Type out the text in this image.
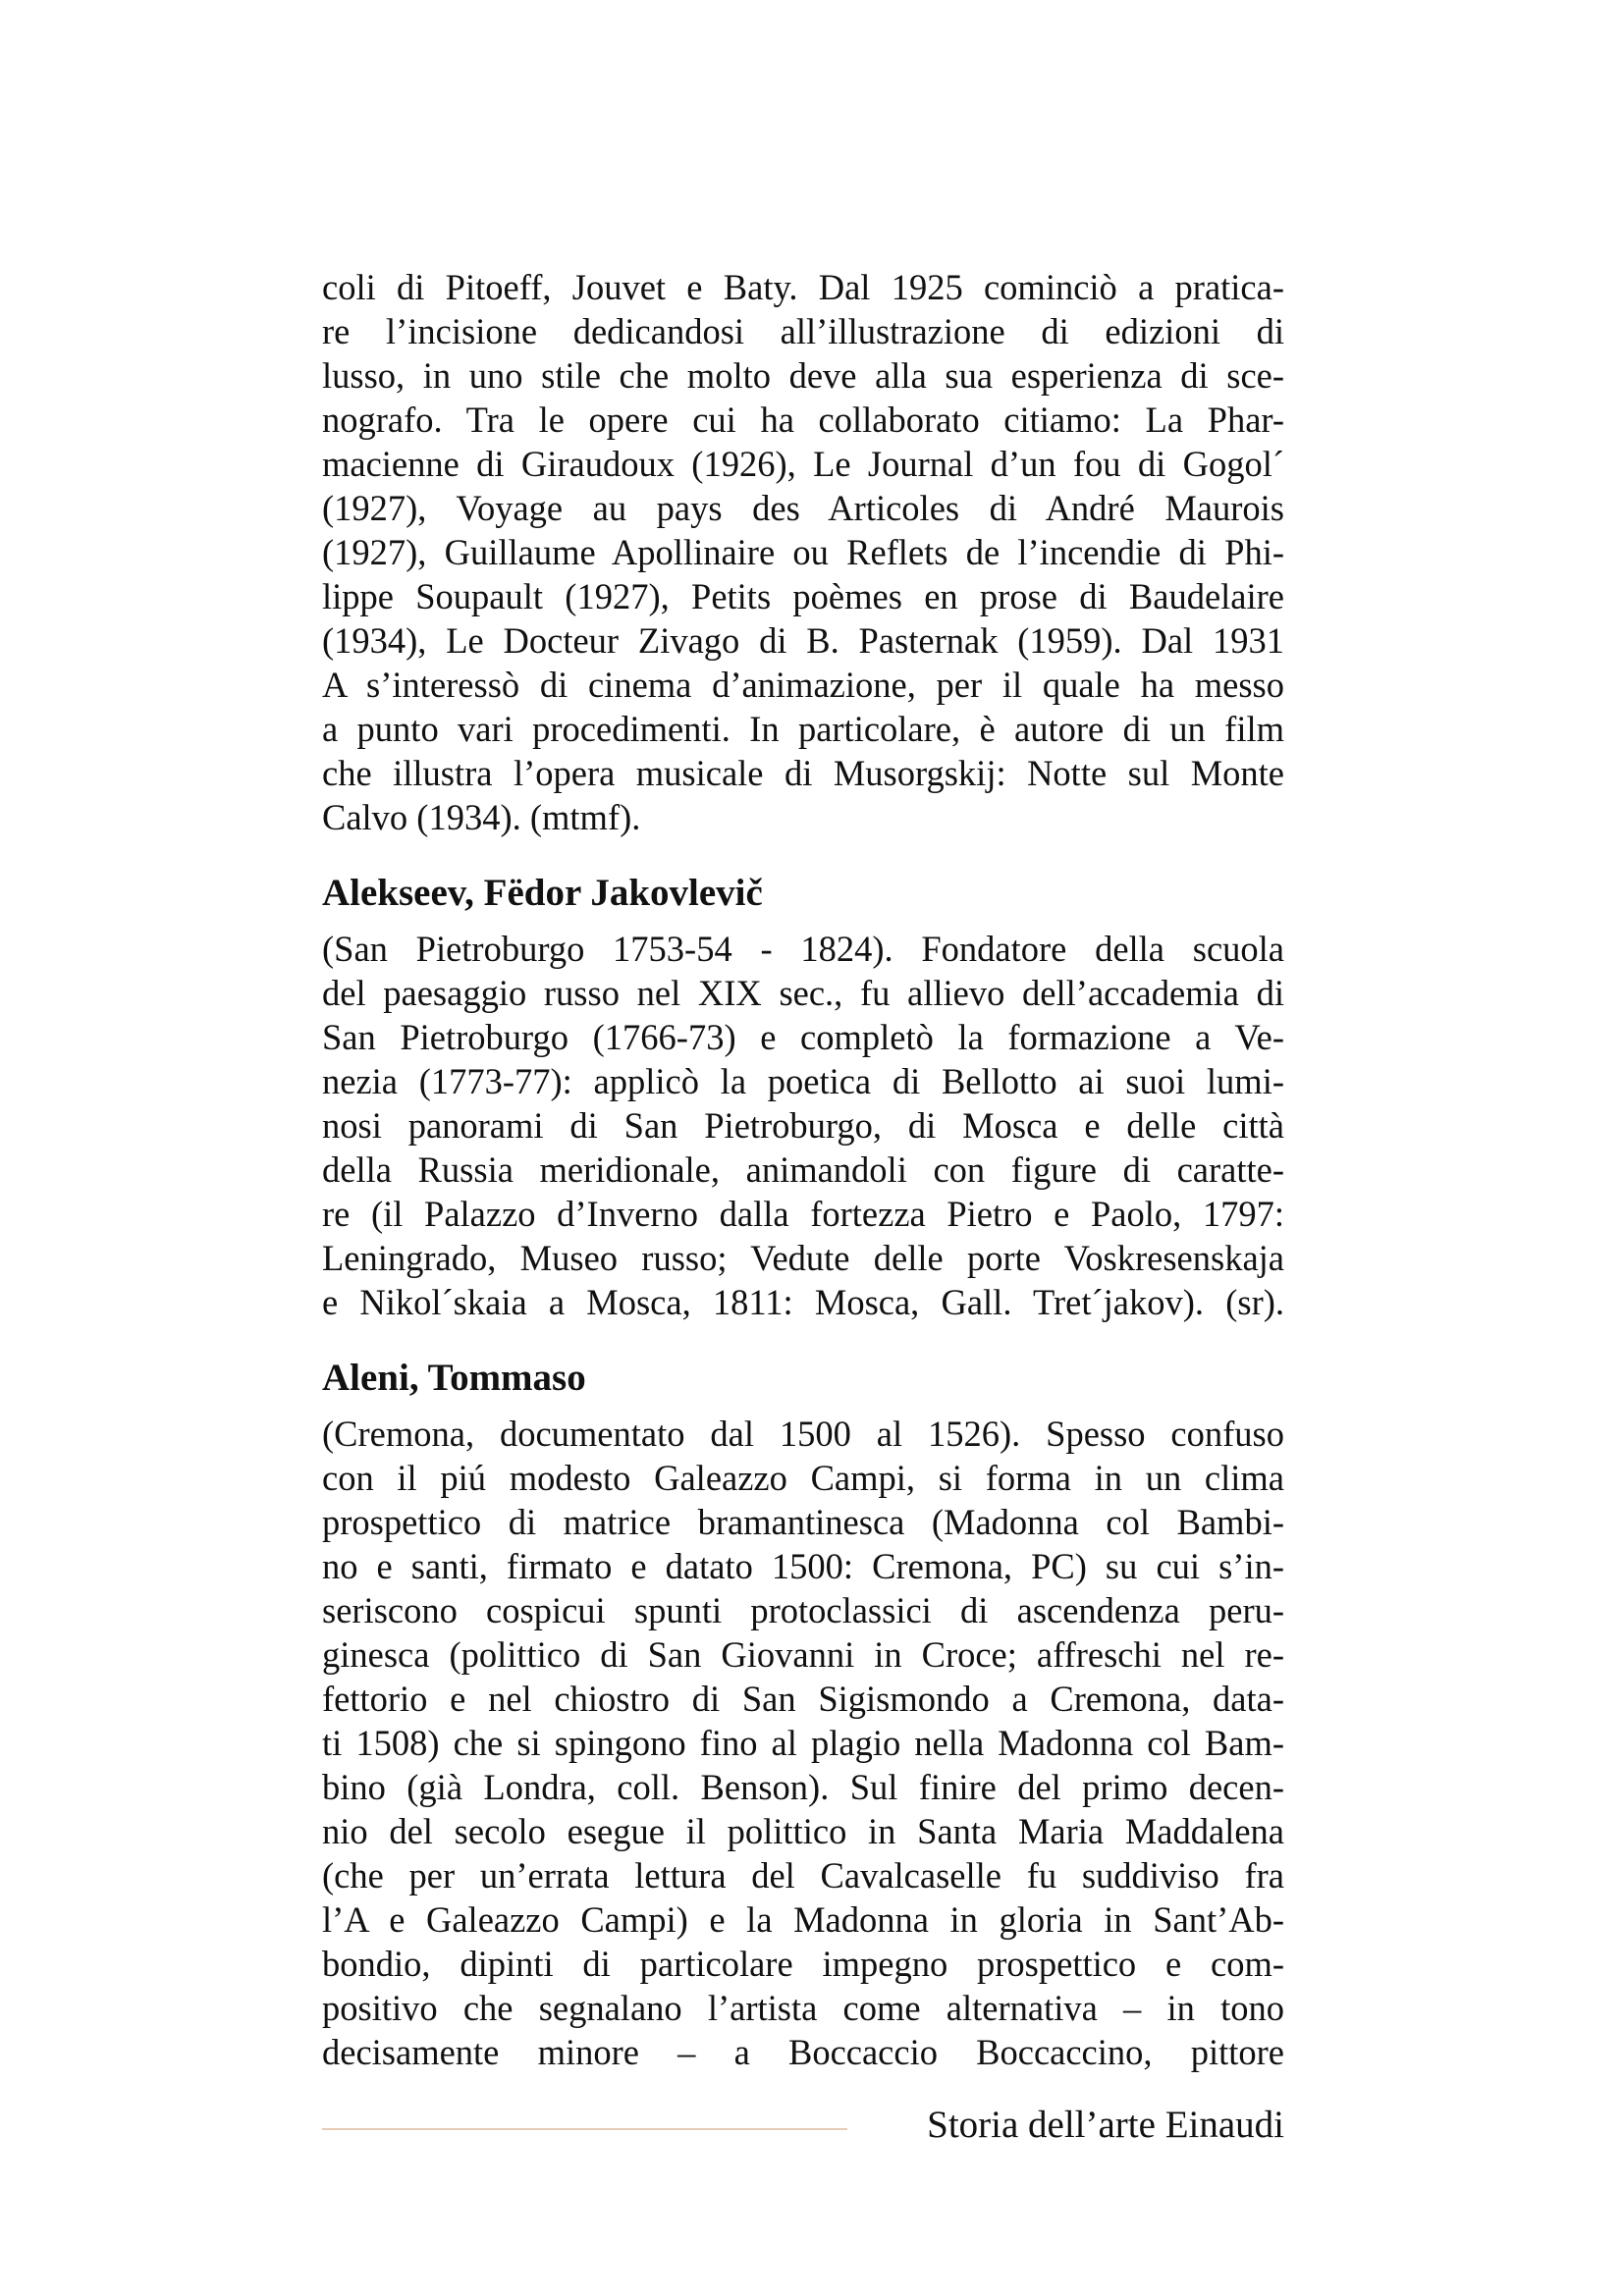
coli di Pitoeff, Jouvet e Baty. Dal 1925 cominciò a pratica-
re l’incisione dedicandosi all’illustrazione di edizioni di
lusso, in uno stile che molto deve alla sua esperienza di sce-
nografo. Tra le opere cui ha collaborato citiamo: La Phar-
macienne di Giraudoux (1926), Le Journal d’un fou di Gogol´
(1927), Voyage au pays des Articoles di André Maurois
(1927), Guillaume Apollinaire ou Reflets de l’incendie di Phi-
lippe Soupault (1927), Petits poèmes en prose di Baudelaire
(1934), Le Docteur Zivago di B. Pasternak (1959). Dal 1931
A s’interessò di cinema d’animazione, per il quale ha messo
a punto vari procedimenti. In particolare, è autore di un film
che illustra l’opera musicale di Musorgskij: Notte sul Monte
Calvo (1934). (mtmf).
Alekseev, Fëdor Jakovlevič
(San Pietroburgo 1753-54 - 1824). Fondatore della scuola
del paesaggio russo nel XIX sec., fu allievo dell’accademia di
San Pietroburgo (1766-73) e completò la formazione a Ve-
nezia (1773-77): applicò la poetica di Bellotto ai suoi lumi-
nosi panorami di San Pietroburgo, di Mosca e delle città
della Russia meridionale, animandoli con figure di caratte-
re (il Palazzo d’Inverno dalla fortezza Pietro e Paolo, 1797:
Leningrado, Museo russo; Vedute delle porte Voskresenskaja
e Nikol´skaia a Mosca, 1811: Mosca, Gall. Tret´jakov). (sr).
Aleni, Tommaso
(Cremona, documentato dal 1500 al 1526). Spesso confuso
con il piú modesto Galeazzo Campi, si forma in un clima
prospettico di matrice bramantinesca (Madonna col Bambi-
no e santi, firmato e datato 1500: Cremona, PC) su cui s’in-
seriscono cospicui spunti protoclassici di ascendenza peru-
ginesca (polittico di San Giovanni in Croce; affreschi nel re-
fettorio e nel chiostro di San Sigismondo a Cremona, data-
ti 1508) che si spingono fino al plagio nella Madonna col Bam-
bino (già Londra, coll. Benson). Sul finire del primo decen-
nio del secolo esegue il polittico in Santa Maria Maddalena
(che per un’errata lettura del Cavalcaselle fu suddiviso fra
l’A e Galeazzo Campi) e la Madonna in gloria in Sant’Ab-
bondio, dipinti di particolare impegno prospettico e com-
positivo che segnalano l’artista come alternativa – in tono
decisamente minore – a Boccaccio Boccaccino, pittore
Storia dell’arte Einaudi
